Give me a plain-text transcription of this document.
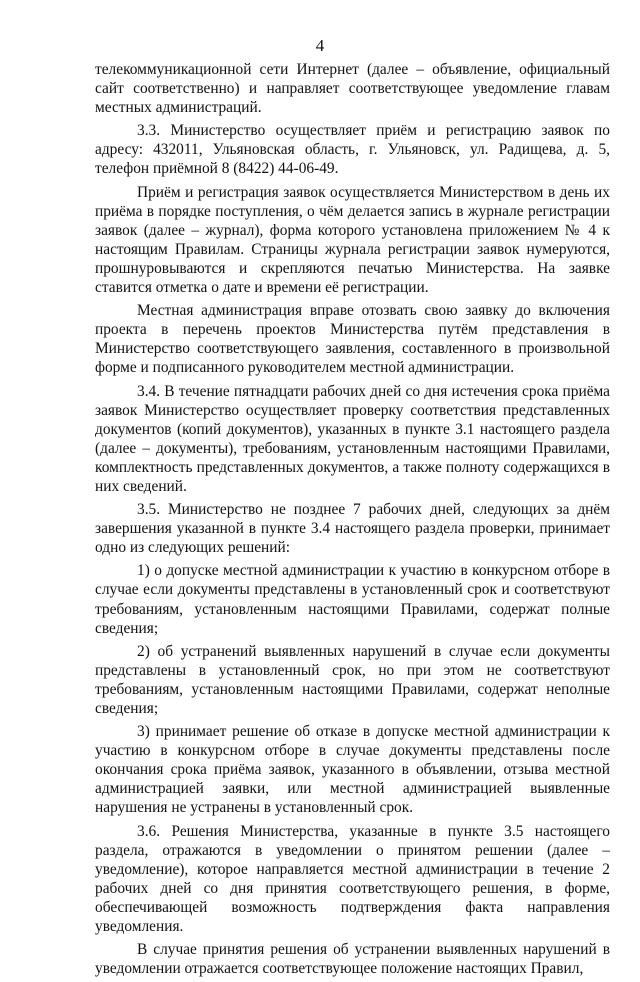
4

телекоммуникационной сети Интернет (далее – объявление, официальный сайт соответственно) и направляет соответствующее уведомление главам местных администраций.

3.3. Министерство осуществляет приём и регистрацию заявок по адресу: 432011, Ульяновская область, г. Ульяновск, ул. Радищева, д. 5, телефон приёмной 8 (8422) 44-06-49.

Приём и регистрация заявок осуществляется Министерством в день их приёма в порядке поступления, о чём делается запись в журнале регистрации заявок (далее – журнал), форма которого установлена приложением № 4 к настоящим Правилам. Страницы журнала регистрации заявок нумеруются, прошнуровываются и скрепляются печатью Министерства. На заявке ставится отметка о дате и времени её регистрации.

Местная администрация вправе отозвать свою заявку до включения проекта в перечень проектов Министерства путём представления в Министерство соответствующего заявления, составленного в произвольной форме и подписанного руководителем местной администрации.

3.4. В течение пятнадцати рабочих дней со дня истечения срока приёма заявок Министерство осуществляет проверку соответствия представленных документов (копий документов), указанных в пункте 3.1 настоящего раздела (далее – документы), требованиям, установленным настоящими Правилами, комплектность представленных документов, а также полноту содержащихся в них сведений.

3.5. Министерство не позднее 7 рабочих дней, следующих за днём завершения указанной в пункте 3.4 настоящего раздела проверки, принимает одно из следующих решений:

1) о допуске местной администрации к участию в конкурсном отборе в случае если документы представлены в установленный срок и соответствуют требованиям, установленным настоящими Правилами, содержат полные сведения;

2) об устранений выявленных нарушений в случае если документы представлены в установленный срок, но при этом не соответствуют требованиям, установленным настоящими Правилами, содержат неполные сведения;

3) принимает решение об отказе в допуске местной администрации к участию в конкурсном отборе в случае документы представлены после окончания срока приёма заявок, указанного в объявлении, отзыва местной администрацией заявки, или местной администрацией выявленные нарушения не устранены в установленный срок.

3.6. Решения Министерства, указанные в пункте 3.5 настоящего раздела, отражаются в уведомлении о принятом решении (далее – уведомление), которое направляется местной администрации в течение 2 рабочих дней со дня принятия соответствующего решения, в форме, обеспечивающей возможность подтверждения факта направления уведомления.

В случае принятия решения об устранении выявленных нарушений в уведомлении отражается соответствующее положение настоящих Правил,
